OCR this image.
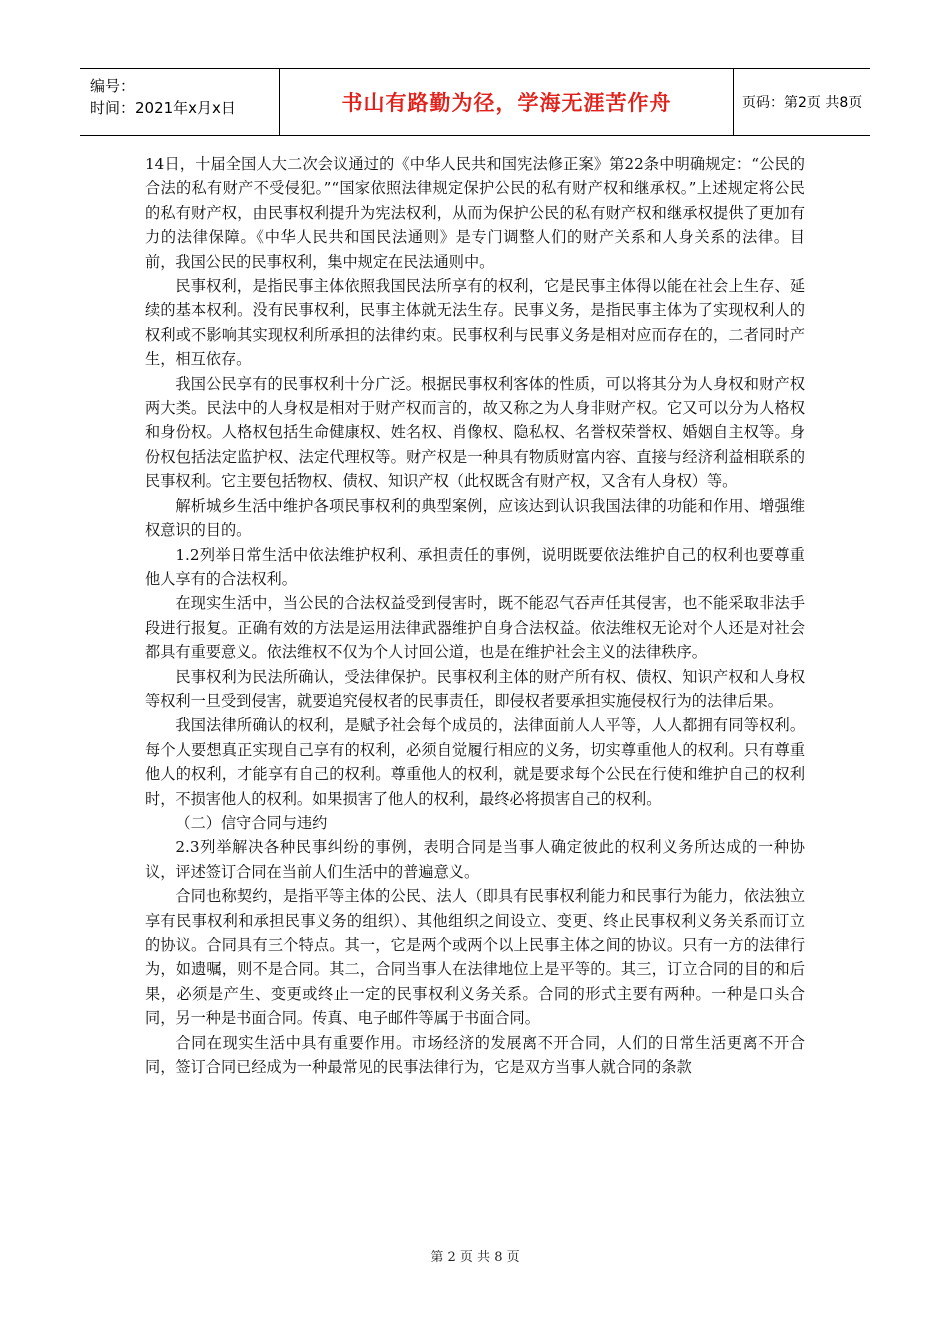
编号：
时间：2021年x月x日	书山有路勤为径，学海无涯苦作舟	页码：第2页 共8页

14日，十届全国人大二次会议通过的《中华人民共和国宪法修正案》第22条中明确规定：“公民的合法的私有财产不受侵犯。”“国家依照法律规定保护公民的私有财产权和继承权。”上述规定将公民的私有财产权，由民事权利提升为宪法权利，从而为保护公民的私有财产权和继承权提供了更加有力的法律保障。《中华人民共和国民法通则》是专门调整人们的财产关系和人身关系的法律。目前，我国公民的民事权利，集中规定在民法通则中。

民事权利，是指民事主体依照我国民法所享有的权利，它是民事主体得以能在社会上生存、延续的基本权利。没有民事权利，民事主体就无法生存。民事义务，是指民事主体为了实现权利人的权利或不影响其实现权利所承担的法律约束。民事权利与民事义务是相对应而存在的，二者同时产生，相互依存。

我国公民享有的民事权利十分广泛。根据民事权利客体的性质，可以将其分为人身权和财产权两大类。民法中的人身权是相对于财产权而言的，故又称之为人身非财产权。它又可以分为人格权和身份权。人格权包括生命健康权、姓名权、肖像权、隐私权、名誉权荣誉权、婚姻自主权等。身份权包括法定监护权、法定代理权等。财产权是一种具有物质财富内容、直接与经济利益相联系的民事权利。它主要包括物权、债权、知识产权（此权既含有财产权，又含有人身权）等。

解析城乡生活中维护各项民事权利的典型案例，应该达到认识我国法律的功能和作用、增强维权意识的目的。

1.2列举日常生活中依法维护权利、承担责任的事例，说明既要依法维护自己的权利也要尊重他人享有的合法权利。

在现实生活中，当公民的合法权益受到侵害时，既不能忍气吞声任其侵害，也不能采取非法手段进行报复。正确有效的方法是运用法律武器维护自身合法权益。依法维权无论对个人还是对社会都具有重要意义。依法维权不仅为个人讨回公道，也是在维护社会主义的法律秩序。

民事权利为民法所确认，受法律保护。民事权利主体的财产所有权、债权、知识产权和人身权等权利一旦受到侵害，就要追究侵权者的民事责任，即侵权者要承担实施侵权行为的法律后果。

我国法律所确认的权利，是赋予社会每个成员的，法律面前人人平等，人人都拥有同等权利。每个人要想真正实现自己享有的权利，必须自觉履行相应的义务，切实尊重他人的权利。只有尊重他人的权利，才能享有自己的权利。尊重他人的权利，就是要求每个公民在行使和维护自己的权利时，不损害他人的权利。如果损害了他人的权利，最终必将损害自己的权利。

（二）信守合同与违约

2.3列举解决各种民事纠纷的事例，表明合同是当事人确定彼此的权利义务所达成的一种协议，评述签订合同在当前人们生活中的普遍意义。

合同也称契约，是指平等主体的公民、法人（即具有民事权利能力和民事行为能力，依法独立享有民事权利和承担民事义务的组织）、其他组织之间设立、变更、终止民事权利义务关系而订立的协议。合同具有三个特点。其一，它是两个或两个以上民事主体之间的协议。只有一方的法律行为，如遗嘱，则不是合同。其二，合同当事人在法律地位上是平等的。其三，订立合同的目的和后果，必须是产生、变更或终止一定的民事权利义务关系。合同的形式主要有两种。一种是口头合同，另一种是书面合同。传真、电子邮件等属于书面合同。

合同在现实生活中具有重要作用。市场经济的发展离不开合同，人们的日常生活更离不开合同，签订合同已经成为一种最常见的民事法律行为，它是双方当事人就合同的条款

第 2 页 共 8 页
